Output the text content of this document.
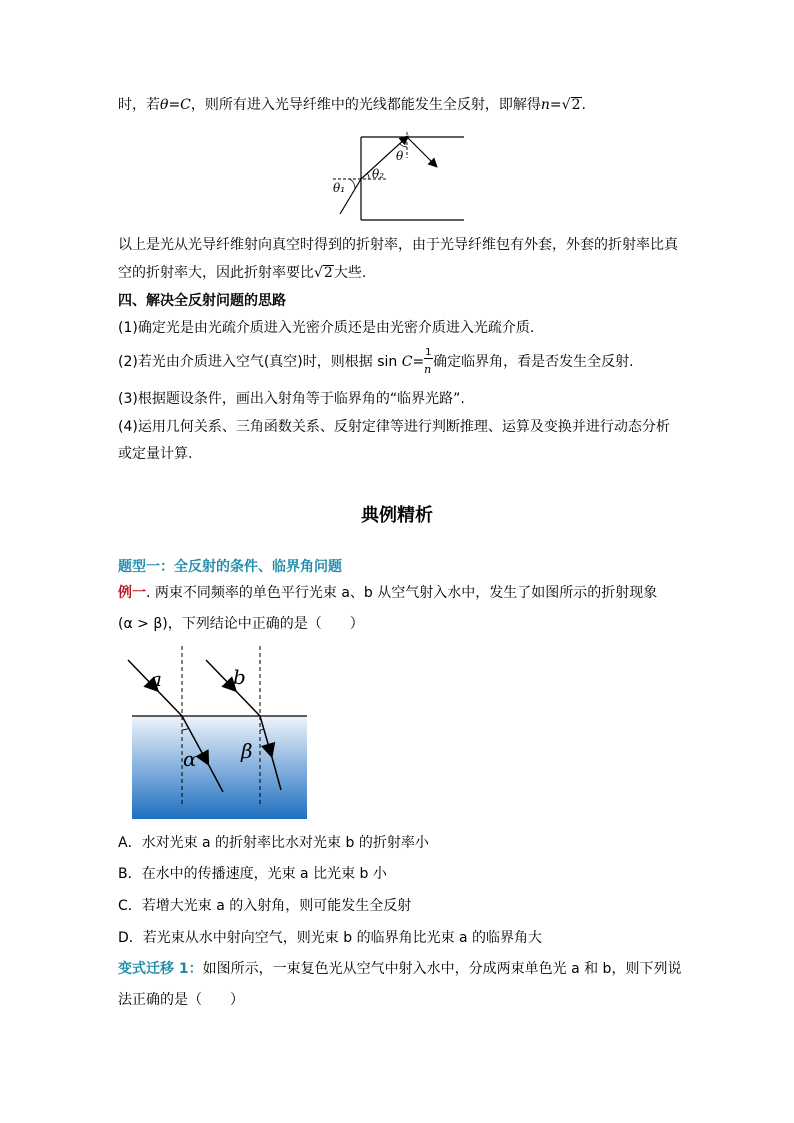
时，若θ=C，则所有进入光导纤维中的光线都能发生全反射，即解得n=√2.
θ
θ₁
θ₂
以上是光从光导纤维射向真空时得到的折射率，由于光导纤维包有外套，外套的折射率比真
空的折射率大，因此折射率要比√2大些.
四、解决全反射问题的思路
(1)确定光是由光疏介质进入光密介质还是由光密介质进入光疏介质.
(2)若光由介质进入空气(真空)时，则根据 $\sin C= \frac{1}{n}$ 确定临界角，看是否发生全反射.
(3)根据题设条件，画出入射角等于临界角的“临界光路”.
(4)运用几何关系、三角函数关系、反射定律等进行判断推理、运算及变换并进行动态分析
或定量计算.
典例精析
题型一：全反射的条件、临界角问题
例一. 两束不同频率的单色平行光束 a、b 从空气射入水中，发生了如图所示的折射现象
(α > β)，下列结论中正确的是（　　）
a	b
α β
A．水对光束 a 的折射率比水对光束 b 的折射率小
B．在水中的传播速度，光束 a 比光束 b 小
C．若增大光束 a 的入射角，则可能发生全反射
D．若光束从水中射向空气，则光束 b 的临界角比光束 a 的临界角大
变式迁移 1：如图所示，一束复色光从空气中射入水中，分成两束单色光 a 和 b，则下列说
法正确的是（　　）
